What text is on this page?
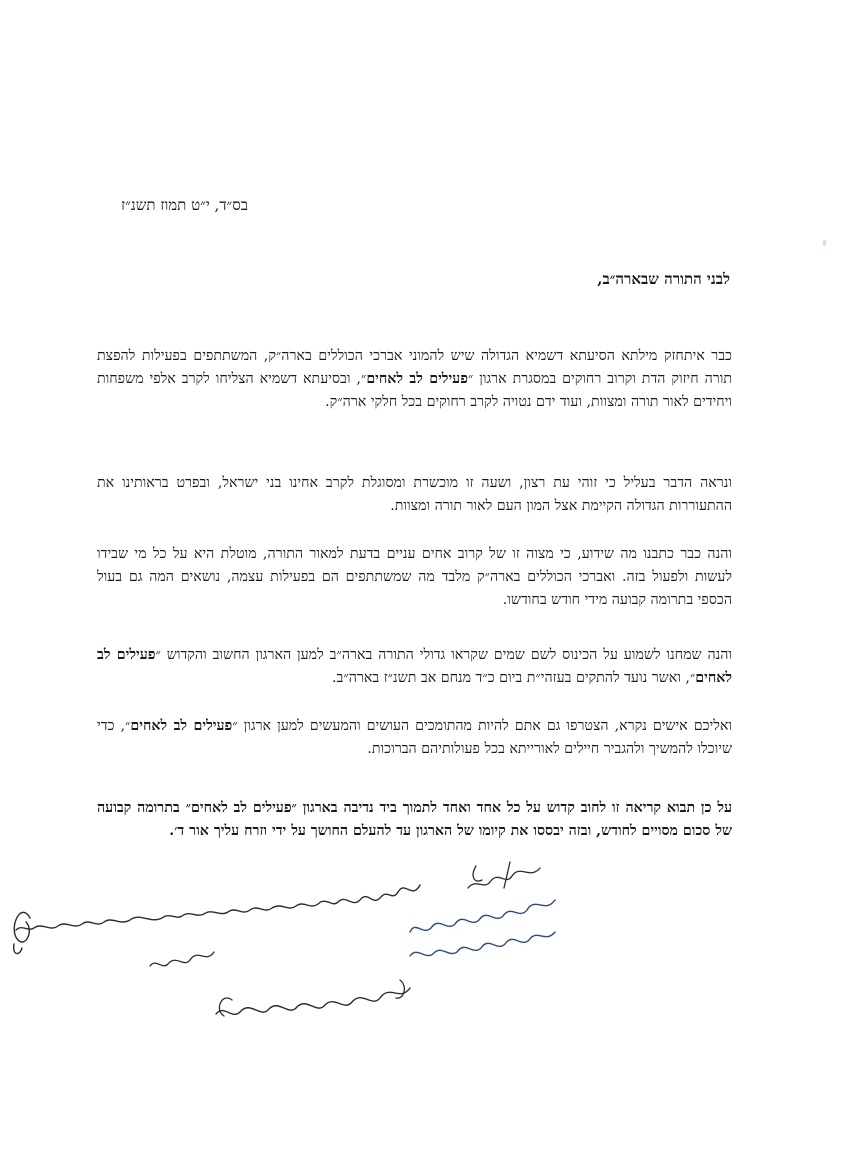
בס״ד, י״ט תמוז תשנ״ז
לבני התורה שבארה״ב,
כבר איתחזק מילתא הסיעתא דשמיא הגדולה שיש להמוני אברכי הכוללים בארה״ק, המשתתפים בפעילות להפצת תורה חיזוק הדת וקרוב רחוקים במסגרת ארגון ״פעילים לב לאחים״, ובסיעתא דשמיא הצליחו לקרב אלפי משפחות ויחידים לאור תורה ומצוות, ועוד ידם נטויה לקרב רחוקים בכל חלקי ארה״ק.
ונראה הדבר בעליל כי זוהי עת רצון, ושעה זו מוכשרת ומסוגלת לקרב אחינו בני ישראל, ובפרט בראותינו את ההתעוררות הגדולה הקיימת אצל המון העם לאור תורה ומצוות.
והנה כבר כתבנו מה שידוע, כי מצוה זו של קרוב אחים עניים בדעת למאור התורה, מוטלת היא על כל מי שבידו לעשות ולפעול בזה. ואברכי הכוללים בארה״ק מלבד מה שמשתתפים הם בפעילות עצמה, נושאים המה גם בעול הכספי בתרומה קבועה מידי חודש בחודשו.
והנה שמחנו לשמוע על הכינוס לשם שמים שקראו גדולי התורה בארה״ב למען הארגון החשוב והקדוש ״פעילים לב לאחים״, ואשר נועד להתקים בעזהי״ת ביום כ״ד מנחם אב תשנ״ז בארה״ב.
ואליכם אישים נקרא, הצטרפו גם אתם להיות מהתומכים העושים והמעשים למען ארגון ״פעילים לב לאחים״, כדי שיוכלו להמשיך ולהגביר חיילים לאורייתא בכל פעולותיהם הברוכות.
על כן תבוא קריאה זו לחוב קדוש על כל אחד ואחד לתמוך ביד נדיבה בארגון ״פעילים לב לאחים״ בתרומה קבועה של סכום מסויים לחודש, ובזה יבססו את קיומו של הארגון עד להעלם החושך על ידי וזרח עליך אור ד׳.
